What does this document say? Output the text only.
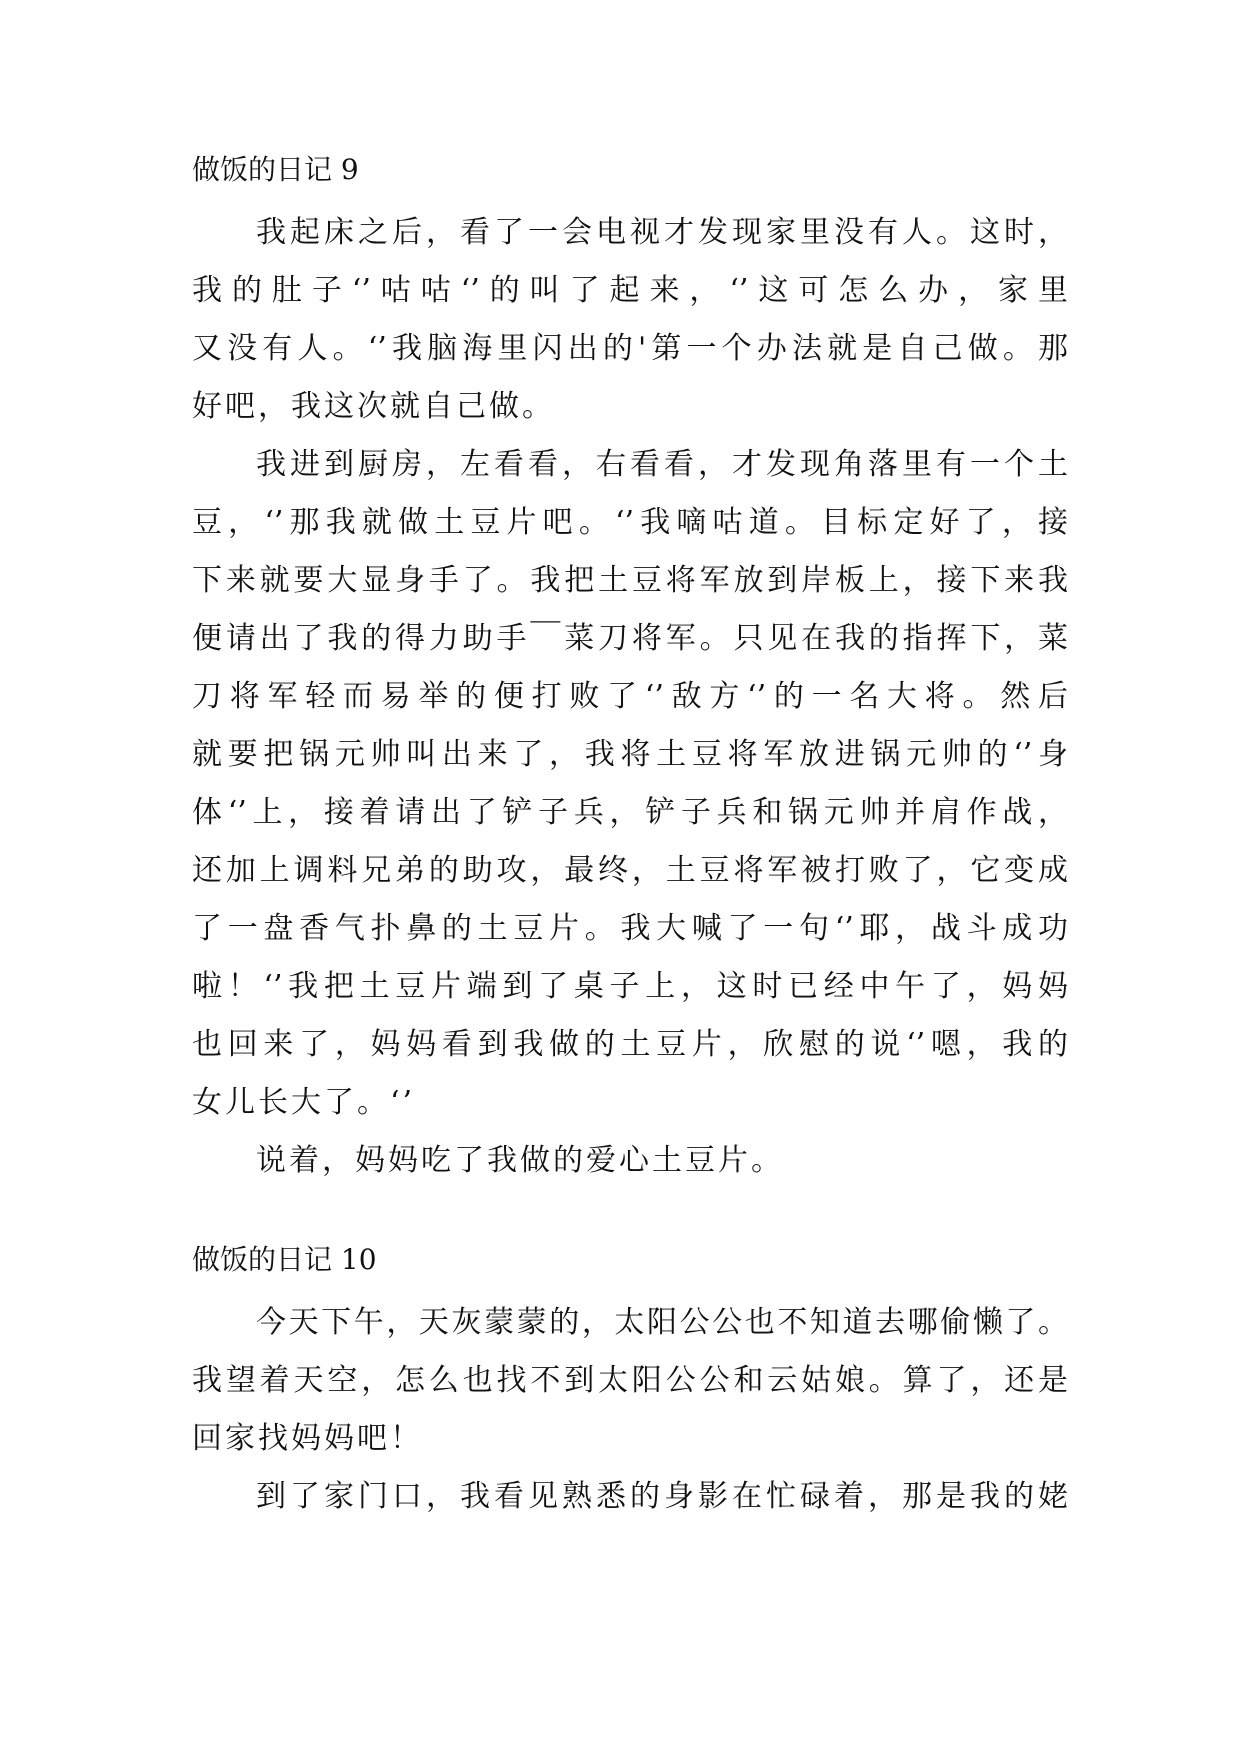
做饭的日记 9
我起床之后，看了一会电视才发现家里没有人。这时，
我的肚子‘’咕咕‘’的叫了起来，‘’这可怎么办，家里
又没有人。‘’我脑海里闪出的'第一个办法就是自己做。那
好吧，我这次就自己做。
我进到厨房，左看看，右看看，才发现角落里有一个土
豆，‘’那我就做土豆片吧。‘’我嘀咕道。目标定好了，接
下来就要大显身手了。我把土豆将军放到岸板上，接下来我
便请出了我的得力助手￣菜刀将军。只见在我的指挥下，菜
刀将军轻而易举的便打败了‘’敌方‘’的一名大将。然后
就要把锅元帅叫出来了，我将土豆将军放进锅元帅的‘’身
体‘’上，接着请出了铲子兵，铲子兵和锅元帅并肩作战，
还加上调料兄弟的助攻，最终，土豆将军被打败了，它变成
了一盘香气扑鼻的土豆片。我大喊了一句‘’耶，战斗成功
啦！‘’我把土豆片端到了桌子上，这时已经中午了，妈妈
也回来了，妈妈看到我做的土豆片，欣慰的说‘’嗯，我的
女儿长大了。‘’
说着，妈妈吃了我做的爱心土豆片。
做饭的日记 10
今天下午，天灰蒙蒙的，太阳公公也不知道去哪偷懒了。
我望着天空，怎么也找不到太阳公公和云姑娘。算了，还是
回家找妈妈吧！
到了家门口，我看见熟悉的身影在忙碌着，那是我的姥
